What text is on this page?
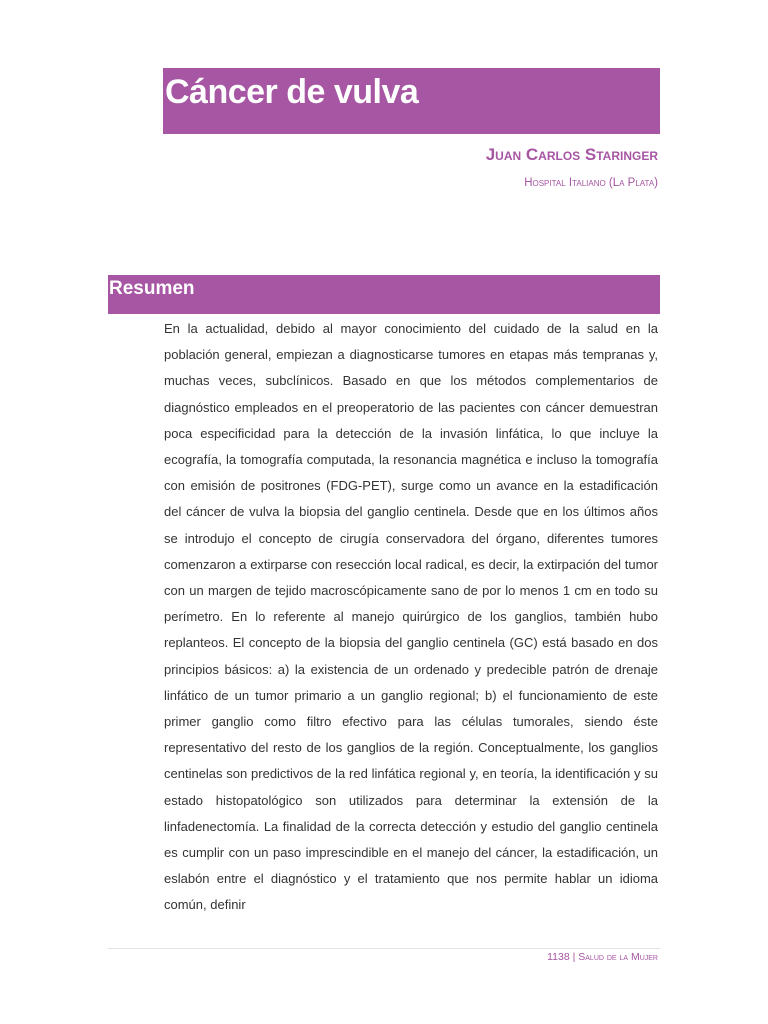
Cáncer de vulva
Juan Carlos Staringer
Hospital Italiano (La Plata)
Resumen

En la actualidad, debido al mayor conocimiento del cuidado de la salud en la población general, empiezan a diagnosticarse tumores en etapas más tempranas y, muchas veces, subclínicos. Basado en que los métodos complementarios de diagnóstico empleados en el preoperatorio de las pacientes con cáncer demuestran poca especificidad para la detección de la invasión linfática, lo que incluye la ecografía, la tomografía computada, la resonancia magnética e incluso la tomografía con emisión de positrones (FDG-PET), surge como un avance en la estadificación del cáncer de vulva la biopsia del ganglio centinela. Desde que en los últimos años se introdujo el concepto de cirugía conservadora del órgano, diferentes tumores comenzaron a extirparse con resección local radical, es decir, la extirpación del tumor con un margen de tejido macroscópicamente sano de por lo menos 1 cm en todo su perímetro. En lo referente al manejo quirúrgico de los ganglios, también hubo replanteos. El concepto de la biopsia del ganglio centinela (GC) está basado en dos principios básicos: a) la existencia de un ordenado y predecible patrón de drenaje linfático de un tumor primario a un ganglio regional; b) el funcionamiento de este primer ganglio como filtro efectivo para las células tumorales, siendo éste representativo del resto de los ganglios de la región. Conceptualmente, los ganglios centinelas son predictivos de la red linfática regional y, en teoría, la identificación y su estado histopatológico son utilizados para determinar la extensión de la linfadenectomía. La finalidad de la correcta detección y estudio del ganglio centinela es cumplir con un paso imprescindible en el manejo del cáncer, la estadificación, un eslabón entre el diagnóstico y el tratamiento que nos permite hablar un idioma común, definir

1138 | Salud de la Mujer
